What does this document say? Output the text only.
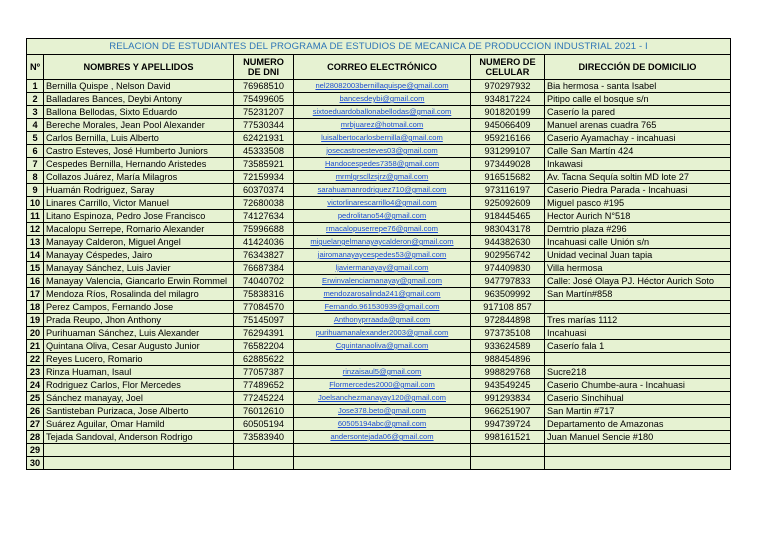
RELACION DE ESTUDIANTES DEL PROGRAMA DE ESTUDIOS DE MECANICA DE PRODUCCION INDUSTRIAL 2021 - I					
Nº	NOMBRES Y APELLIDOS	NUMERO DE DNI	CORREO ELECTRÓNICO	NUMERO DE CELULAR	DIRECCIÓN DE DOMICILIO
1	Bernilla Quispe , Nelson David	76968510	nel28082003bernillaquispe@gmail.com	970297932	Bia hermosa - santa Isabel
2	Balladares Bances, Deybi Antony	75499605	bancesdeybi@gmail.com	934817224	Pitipo calle el bosque s/n
3	Ballona Bellodas, Sixto Eduardo	75231207	sixtoeduardoballonabellodas@gmail.com	901820199	Caserío la pared
4	Bereche Morales, Jean Pool Alexander	77530344	mrbjuarez@hotmail.com	945066409	Manuel arenas cuadra 765
5	Carlos Bernilla, Luis Alberto	62421931	luisalbertocarlosbernilla@gmail.com	959216166	Caserio Ayamachay - incahuasi
6	Castro Esteves, José Humberto Juniors	45333508	josecastroesteves03@gmail.com	931299107	Calle San Martín 424
7	Cespedes Bernilla, Hernando Aristedes	73585921	Handocespedes7358@gmail.com	973449028	Inkawasi
8	Collazos Juárez, María Milagros	72159934	mrmlgrscllzsjrz@gmail.com	916515682	Av. Tacna Sequía soltin MD lote 27
9	Huamán Rodriguez, Saray	60370374	sarahuamanrodriguez710@gmail.com	973116197	Caserio Piedra Parada - Incahuasi
10	Linares Carrillo, Victor Manuel	72680038	victorlinarescarrillo4@gmail.com	925092609	Miguel pasco #195
11	Litano Espinoza, Pedro Jose Francisco	74127634	pedrolitano54@gmail.com	918445465	Hector Aurich N°518
12	Macalopu Serrepe, Romario Alexander	75996688	rmacalopuserrepe76@gmail.com	983043178	Demtrio plaza #296
13	Manayay Calderon, Miguel Angel	41424036	miguelangelmanayaycalderon@gmail.com	944382630	Incahuasi calle Unión s/n
14	Manayay Céspedes, Jairo	76343827	jairomanayaycespedes53@gmail.com	902956742	Unidad vecinal Juan tapia
15	Manayay Sánchez, Luis Javier	76687384	ljaviermanayay@gmail.com	974409830	Villa hermosa
16	Manayay Valencia, Giancarlo Erwin Rommel	74040702	Erwinvalenciamanayay@gmail.com	947797833	Calle: José Olaya PJ. Héctor Aurich Soto
17	Mendoza Ríos, Rosalinda del milagro	75838316	mendozarosalinda241@gmail.com	963509992	San Martín#858
18	Perez Campos, Fernando Jose	77084570	Fernando.961530939@gmail.com	917108 857	
19	Prada Reupo, Jhon Anthony	75145097	Anthonyprraada@gmail.com	972844898	Tres marías 1112
20	Purihuaman Sánchez, Luis Alexander	76294391	purihuamanalexander2003@gmail.com	973735108	Incahuasi
21	Quintana Oliva, Cesar Augusto Junior	76582204	Cquintanaoliva@gmail.com	933624589	Caserío fala 1
22	Reyes Lucero, Romario	62885622		988454896	
23	Rinza Huaman, Isaul	77057387	rinzaisaul5@gmail.com	998829768	Sucre218
24	Rodriguez Carlos, Flor Mercedes	77489652	Flormercedes2000@gmail.com	943549245	Caserio Chumbe-aura - Incahuasi
25	Sánchez manayay, Joel	77245224	Joelsanchezmanayay120@gmail.com	991293834	Caserio Sinchihual
26	Santisteban Purizaca, Jose Alberto	76012610	Jose378.beto@gmail.com	966251907	San Martin #717
27	Suárez Aguilar, Omar Hamild	60505194	60505194abc@gmail.com	994739724	Departamento de Amazonas
28	Tejada Sandoval, Anderson Rodrigo	73583940	andersontejada06@gmail.com	998161521	Juan Manuel Sencie #180
29					
30					
